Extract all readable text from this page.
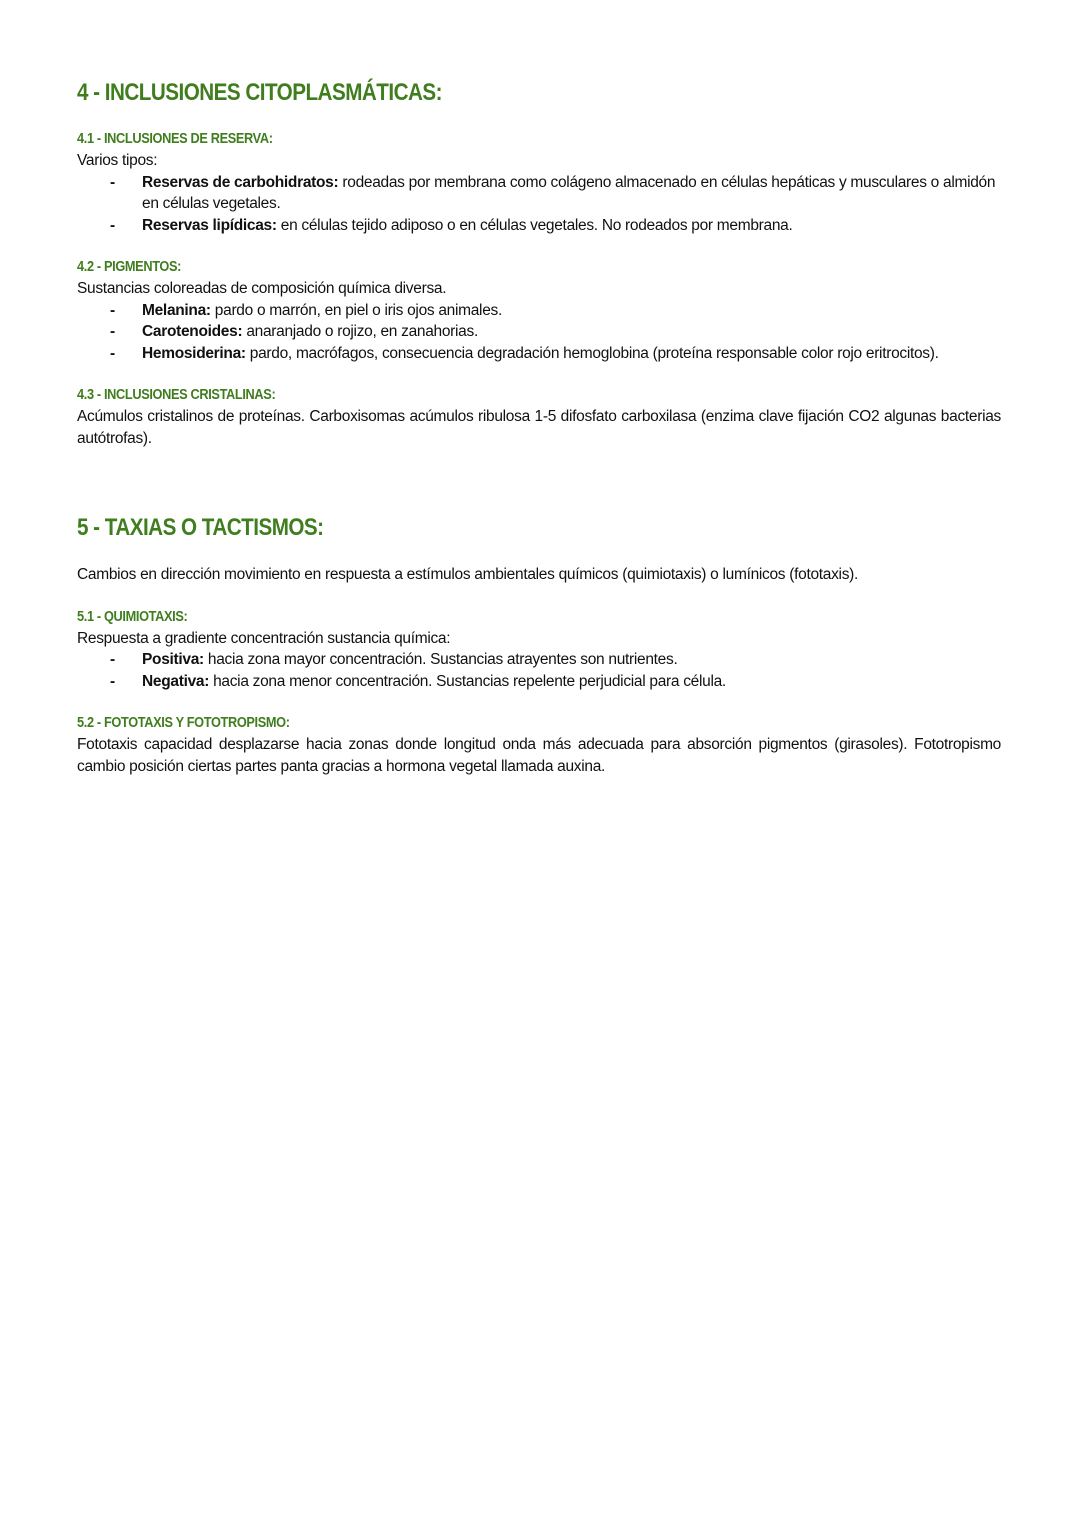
4 - INCLUSIONES CITOPLASMÁTICAS:
4.1 - INCLUSIONES DE RESERVA:

Varios tipos:

- Reservas de carbohidratos: rodeadas por membrana como colágeno almacenado en células hepáticas y musculares o almidón en células vegetales.
- Reservas lipídicas: en células tejido adiposo o en células vegetales. No rodeados por membrana.
4.2 - PIGMENTOS:

Sustancias coloreadas de composición química diversa.

- Melanina: pardo o marrón, en piel o iris ojos animales.
- Carotenoides: anaranjado o rojizo, en zanahorias.
- Hemosiderina: pardo, macrófagos, consecuencia degradación hemoglobina (proteína responsable color rojo eritrocitos).
4.3 - INCLUSIONES CRISTALINAS:

Acúmulos cristalinos de proteínas. Carboxisomas acúmulos ribulosa 1-5 difosfato carboxilasa (enzima clave fijación CO2 algunas bacterias autótrofas).

5 - TAXIAS O TACTISMOS:

Cambios en dirección movimiento en respuesta a estímulos ambientales químicos (quimiotaxis) o lumínicos (fototaxis).

5.1 - QUIMIOTAXIS:

Respuesta a gradiente concentración sustancia química:

- Positiva: hacia zona mayor concentración. Sustancias atrayentes son nutrientes.
- Negativa: hacia zona menor concentración. Sustancias repelente perjudicial para célula.
5.2 - FOTOTAXIS Y FOTOTROPISMO:

Fototaxis capacidad desplazarse hacia zonas donde longitud onda más adecuada para absorción pigmentos (girasoles). Fototropismo cambio posición ciertas partes panta gracias a hormona vegetal llamada auxina.
